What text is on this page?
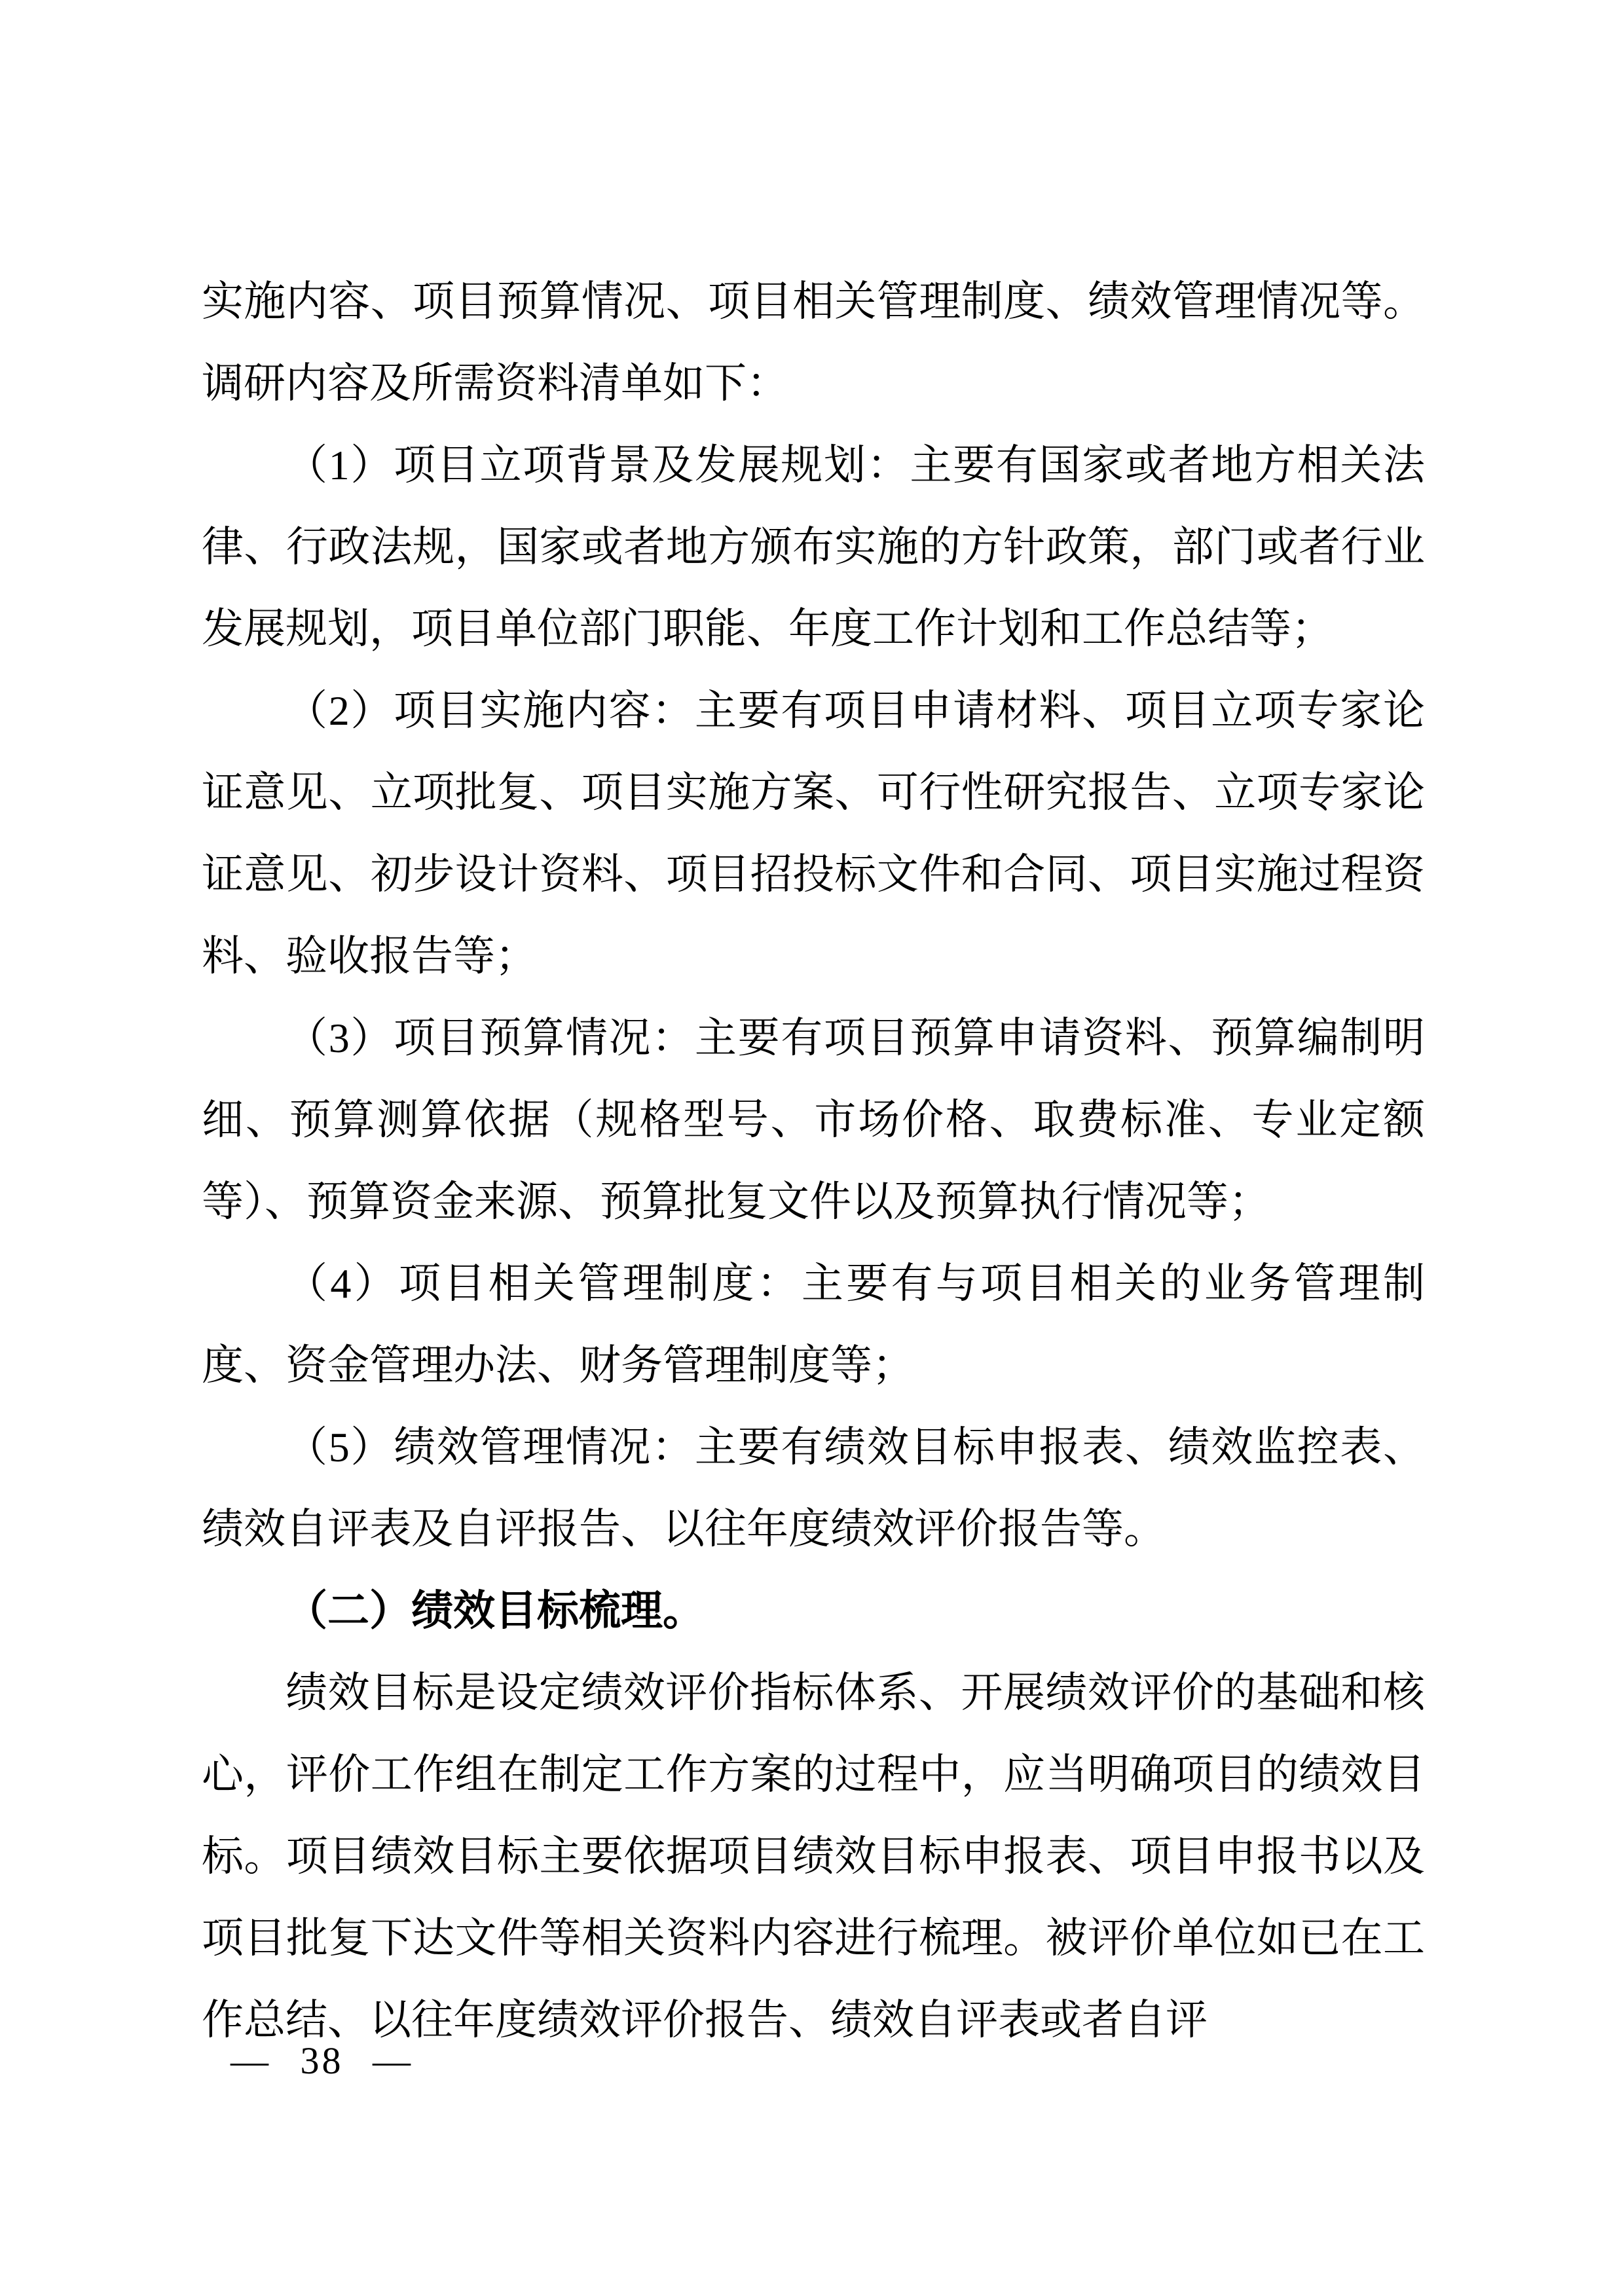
实施内容、项目预算情况、项目相关管理制度、绩效管理情况等。调研内容及所需资料清单如下：

（1）项目立项背景及发展规划：主要有国家或者地方相关法律、行政法规，国家或者地方颁布实施的方针政策，部门或者行业发展规划，项目单位部门职能、年度工作计划和工作总结等；

（2）项目实施内容：主要有项目申请材料、项目立项专家论证意见、立项批复、项目实施方案、可行性研究报告、立项专家论证意见、初步设计资料、项目招投标文件和合同、项目实施过程资料、验收报告等；

（3）项目预算情况：主要有项目预算申请资料、预算编制明细、预算测算依据（规格型号、市场价格、取费标准、专业定额等）、预算资金来源、预算批复文件以及预算执行情况等；

（4）项目相关管理制度：主要有与项目相关的业务管理制度、资金管理办法、财务管理制度等；

（5）绩效管理情况：主要有绩效目标申报表、绩效监控表、绩效自评表及自评报告、以往年度绩效评价报告等。

（二）绩效目标梳理。

绩效目标是设定绩效评价指标体系、开展绩效评价的基础和核心，评价工作组在制定工作方案的过程中，应当明确项目的绩效目标。项目绩效目标主要依据项目绩效目标申报表、项目申报书以及项目批复下达文件等相关资料内容进行梳理。被评价单位如已在工作总结、以往年度绩效评价报告、绩效自评表或者自评

— 38 —
